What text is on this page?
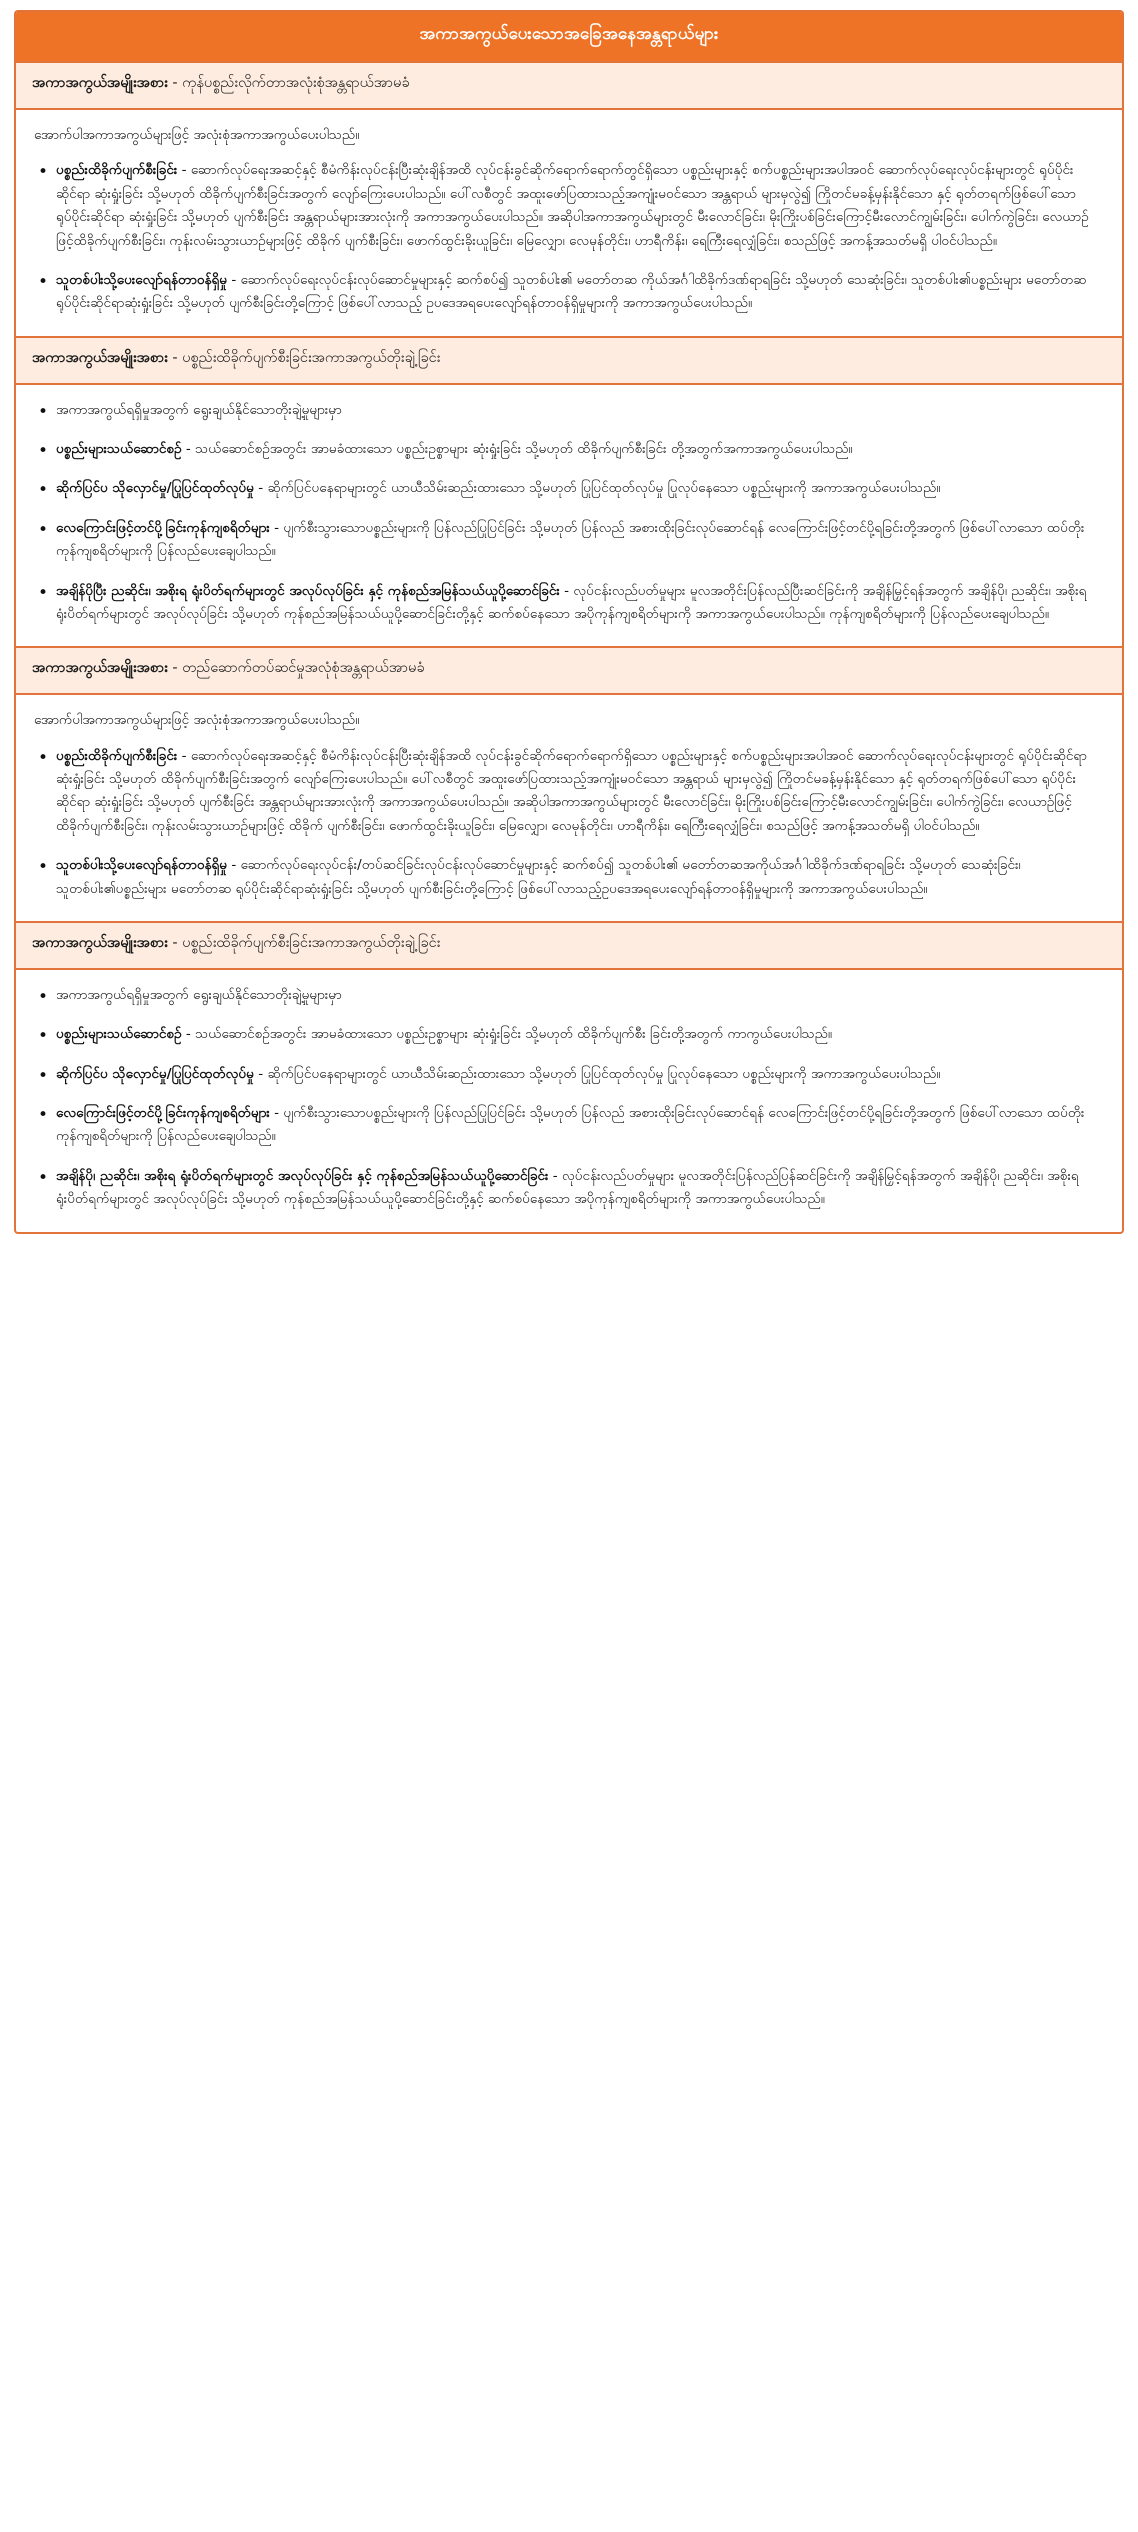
အကာအကွယ်ပေးသောအခြေအနေအန္တရာယ်များ
အကာအကွယ်အမျိုးအစား - ကုန်ပစ္စည်းလိုက်တာအလုံးစုံအန္တရာယ်အာမခံ

အောက်ပါအကာအကွယ်များဖြင့် အလုံးစုံအကာအကွယ်ပေးပါသည်။

• ပစ္စည်းထိခိုက်ပျက်စီးခြင်း - ဆောက်လုပ်ရေးအဆင့်နှင့် စီမံကိန်းလုပ်ငန်းပြီးဆုံးချိန်အထိ လုပ်ငန်းခွင်ဆိုက်ရောက်ရောက်တွင်ရှိသော ပစ္စည်းများနှင့် စက်ပစ္စည်းများအပါအဝင် ဆောက်လုပ်ရေးလုပ်ငန်းများတွင် ရုပ်ပိုင်းဆိုင်ရာ ဆုံးရှုံးခြင်း သို့မဟုတ် ထိခိုက်ပျက်စီးခြင်းအတွက် လျော်ကြေးပေးပါသည်။ ပေါ်လစီတွင် အထူးဖော်ပြထားသည့်အကျုံးမဝင်သော အန္တရာယ် များမှလွဲ၍ ကြိုတင်မခန့်မှန်းနိုင်သော နှင့် ရုတ်တရက်ဖြစ်ပေါ်သော ရုပ်ပိုင်းဆိုင်ရာ ဆုံးရှုံးခြင်း သို့မဟုတ် ပျက်စီးခြင်း အန္တရာယ်များအားလုံးကို အကာအကွယ်ပေးပါသည်။ အဆိုပါအကာအကွယ်များတွင် မီးလောင်ခြင်း၊ မိုးကြိုးပစ်ခြင်းကြောင့်မီးလောင်ကျွမ်းခြင်း၊ ပေါက်ကွဲခြင်း၊ လေယာဉ်ဖြင့်ထိခိုက်ပျက်စီးခြင်း၊ ကုန်းလမ်းသွားယာဉ်များဖြင့် ထိခိုက် ပျက်စီးခြင်း၊ ဖောက်ထွင်းခိုးယူခြင်း၊ မြေလျှော၊ လေမုန်တိုင်း၊ ဟာရီကိန်း၊ ရေကြီးရေလျှံခြင်း၊ စသည်ဖြင့် အကန့်အသတ်မရှိ ပါဝင်ပါသည်။
• သူတစ်ပါးသို့ပေးလျော်ရန်တာဝန်ရှိမှု - ဆောက်လုပ်ရေးလုပ်ငန်းလုပ်ဆောင်မှုများနှင့် ဆက်စပ်၍ သူတစ်ပါး၏ မတော်တဆ ကိုယ်အင်္ဂါထိခိုက်ဒဏ်ရာရခြင်း သို့မဟုတ် သေဆုံးခြင်း၊ သူတစ်ပါး၏ပစ္စည်းများ မတော်တဆ ရုပ်ပိုင်းဆိုင်ရာဆုံးရှုံးခြင်း သို့မဟုတ် ပျက်စီးခြင်းတို့ကြောင့် ဖြစ်ပေါ်လာသည့် ဥပဒေအရပေးလျော်ရန်တာဝန်ရှိမှုများကို အကာအကွယ်ပေးပါသည်။
အကာအကွယ်အမျိုးအစား - ပစ္စည်းထိခိုက်ပျက်စီးခြင်းအကာအကွယ်တိုးချဲ့ခြင်း
• အကာအကွယ်ရရှိမှုအတွက် ရွေးချယ်နိုင်သောတိုးချဲ့မှုများမှာ
• ပစ္စည်းများသယ်ဆောင်စဉ် - သယ်ဆောင်စဉ်အတွင်း အာမခံထားသော ပစ္စည်းဥစ္စာများ ဆုံးရှုံးခြင်း သို့မဟုတ် ထိခိုက်ပျက်စီးခြင်း တို့အတွက်အကာအကွယ်ပေးပါသည်။
• ဆိုက်ပြင်ပ သိုလှောင်မှု/ပြုပြင်ထုတ်လုပ်မှု - ဆိုက်ပြင်ပနေရာများတွင် ယာယီသိမ်းဆည်းထားသော သို့မဟုတ် ပြုပြင်ထုတ်လုပ်မှု ပြုလုပ်နေသော ပစ္စည်းများကို အကာအကွယ်ပေးပါသည်။
• လေကြောင်းဖြင့်တင်ပို့ခြင်းကုန်ကျစရိတ်များ - ပျက်စီးသွားသောပစ္စည်းများကို ပြန်လည်ပြုပြင်ခြင်း သို့မဟုတ် ပြန်လည် အစားထိုးခြင်းလုပ်ဆောင်ရန် လေကြောင်းဖြင့်တင်ပို့ရခြင်းတို့အတွက် ဖြစ်ပေါ်လာသော ထပ်တိုးကုန်ကျစရိတ်များကို ပြန်လည်ပေးချေပါသည်။
• အချိန်ပိုပြီး ညဆိုင်း၊ အစိုးရ ရုံးပိတ်ရက်များတွင် အလုပ်လုပ်ခြင်း နှင့် ကုန်စည်အမြန်သယ်ယူပို့ဆောင်ခြင်း - လုပ်ငန်းလည်ပတ်မှုများ မူလအတိုင်းပြန်လည်ပြီးဆင်ခြင်းကို အချိန်မြှင့်ရန်အတွက် အချိန်ပို၊ ညဆိုင်း၊ အစိုးရ ရုံးပိတ်ရက်များတွင် အလုပ်လုပ်ခြင်း သို့မဟုတ် ကုန်စည်အမြန်သယ်ယူပို့ဆောင်ခြင်းတို့နှင့် ဆက်စပ်နေသော အပိုကုန်ကျစရိတ်များကို အကာအကွယ်ပေးပါသည်။ ကုန်ကျစရိတ်များကို ပြန်လည်ပေးချေပါသည်။
အကာအကွယ်အမျိုးအစား - တည်ဆောက်တပ်ဆင်မှုအလုံစုံအန္တရာယ်အာမခံ

အောက်ပါအကာအကွယ်များဖြင့် အလုံးစုံအကာအကွယ်ပေးပါသည်။

• ပစ္စည်းထိခိုက်ပျက်စီးခြင်း - ဆောက်လုပ်ရေးအဆင့်နှင့် စီမံကိန်းလုပ်ငန်းပြီးဆုံးချိန်အထိ လုပ်ငန်းခွင်ဆိုက်ရောက်ရောက်ရှိသော ပစ္စည်းများနှင့် စက်ပစ္စည်းများအပါအဝင် ဆောက်လုပ်ရေးလုပ်ငန်းများတွင် ရုပ်ပိုင်းဆိုင်ရာ ဆုံးရှုံးခြင်း သို့မဟုတ် ထိခိုက်ပျက်စီးခြင်းအတွက် လျော်ကြေးပေးပါသည်။ ပေါ်လစီတွင် အထူးဖော်ပြထားသည့်အကျုံးမဝင်သော အန္တရာယ် များမှလွဲ၍ ကြိုတင်မခန့်မှန်းနိုင်သော နှင့် ရုတ်တရက်ဖြစ်ပေါ်သော ရုပ်ပိုင်းဆိုင်ရာ ဆုံးရှုံးခြင်း သို့မဟုတ် ပျက်စီးခြင်း အန္တရာယ်များအားလုံးကို အကာအကွယ်ပေးပါသည်။ အဆိုပါအကာအကွယ်များတွင် မီးလောင်ခြင်း၊ မိုးကြိုးပစ်ခြင်းကြောင့်မီးလောင်ကျွမ်းခြင်း၊ ပေါက်ကွဲခြင်း၊ လေယာဉ်ဖြင့်ထိခိုက်ပျက်စီးခြင်း၊ ကုန်းလမ်းသွားယာဉ်များဖြင့် ထိခိုက် ပျက်စီးခြင်း၊ ဖောက်ထွင်းခိုးယူခြင်း၊ မြေလျှော၊ လေမုန်တိုင်း၊ ဟာရီကိန်း၊ ရေကြီးရေလျှံခြင်း၊ စသည်ဖြင့် အကန့်အသတ်မရှိ ပါဝင်ပါသည်။
• သူတစ်ပါးသို့ပေးလျော်ရန်တာဝန်ရှိမှု - ဆောက်လုပ်ရေးလုပ်ငန်း/တပ်ဆင်ခြင်းလုပ်ငန်းလုပ်ဆောင်မှုများနှင့် ဆက်စပ်၍ သူတစ်ပါး၏ မတော်တဆအကိုယ်အင်္ဂါထိခိုက်ဒဏ်ရာရခြင်း သို့မဟုတ် သေဆုံးခြင်း၊ သူတစ်ပါး၏ပစ္စည်းများ မတော်တဆ ရုပ်ပိုင်းဆိုင်ရာဆုံးရှုံးခြင်း သို့မဟုတ် ပျက်စီးခြင်းတို့ကြောင့် ဖြစ်ပေါ်လာသည့်ဥပဒေအရပေးလျော်ရန်တာဝန်ရှိမှုများကို အကာအကွယ်ပေးပါသည်။
အကာအကွယ်အမျိုးအစား - ပစ္စည်းထိခိုက်ပျက်စီးခြင်းအကာအကွယ်တိုးချဲ့ခြင်း
• အကာအကွယ်ရရှိမှုအတွက် ရွေးချယ်နိုင်သောတိုးချဲ့မှုများမှာ
• ပစ္စည်းများသယ်ဆောင်စဉ် - သယ်ဆောင်စဉ်အတွင်း အာမခံထားသော ပစ္စည်းဥစ္စာများ ဆုံးရှုံးခြင်း သို့မဟုတ် ထိခိုက်ပျက်စီး ခြင်းတို့အတွက် ကာကွယ်ပေးပါသည်။
• ဆိုက်ပြင်ပ သိုလှောင်မှု/ပြုပြင်ထုတ်လုပ်မှု - ဆိုက်ပြင်ပနေရာများတွင် ယာယီသိမ်းဆည်းထားသော သို့မဟုတ် ပြုပြင်ထုတ်လုပ်မှု ပြုလုပ်နေသော ပစ္စည်းများကို အကာအကွယ်ပေးပါသည်။
• လေကြောင်းဖြင့်တင်ပို့ခြင်းကုန်ကျစရိတ်များ - ပျက်စီးသွားသောပစ္စည်းများကို ပြန်လည်ပြုပြင်ခြင်း သို့မဟုတ် ပြန်လည် အစားထိုးခြင်းလုပ်ဆောင်ရန် လေကြောင်းဖြင့်တင်ပို့ရခြင်းတို့အတွက် ဖြစ်ပေါ်လာသော ထပ်တိုးကုန်ကျစရိတ်များကို ပြန်လည်ပေးချေပါသည်။
• အချိန်ပို၊ ညဆိုင်း၊ အစိုးရ ရုံးပိတ်ရက်များတွင် အလုပ်လုပ်ခြင်း နှင့် ကုန်စည်အမြန်သယ်ယူပို့ဆောင်ခြင်း - လုပ်ငန်းလည်ပတ်မှုများ မူလအတိုင်းပြန်လည်ပြန်ဆင်ခြင်းကို အချိန်မြှင့်ရန်အတွက် အချိန်ပို၊ ညဆိုင်း၊ အစိုးရ ရုံးပိတ်ရက်များတွင် အလုပ်လုပ်ခြင်း သို့မဟုတ် ကုန်စည်အမြန်သယ်ယူပို့ဆောင်ခြင်းတို့နှင့် ဆက်စပ်နေသော အပိုကုန်ကျစရိတ်များကို အကာအကွယ်ပေးပါသည်။
